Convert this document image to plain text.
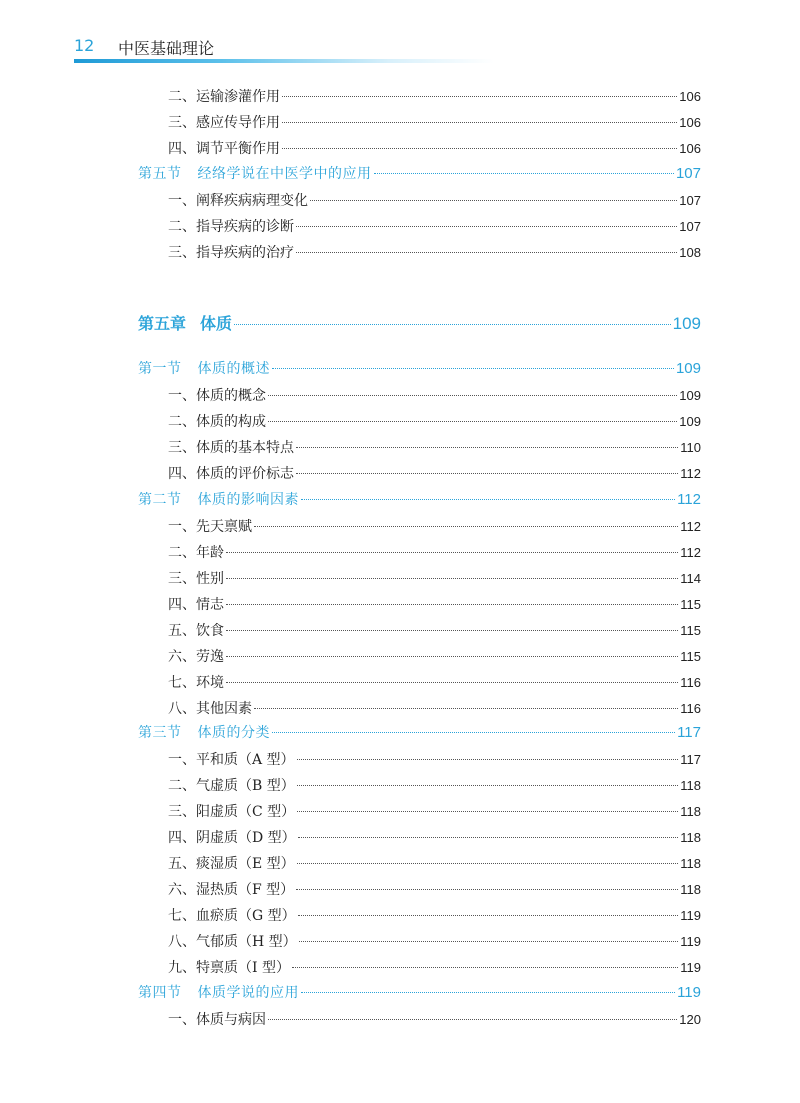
12 中医基础理论
二、运输渗灌作用	106
三、感应传导作用	106
四、调节平衡作用	106
第五节 经络学说在中医学中的应用	107
一、阐释疾病病理变化	107
二、指导疾病的诊断	107
三、指导疾病的治疗	108
第五章 体质	109
第一节 体质的概述	109
一、体质的概念	109
二、体质的构成	109
三、体质的基本特点	110
四、体质的评价标志	112
第二节 体质的影响因素	112
一、先天禀赋	112
二、年龄	112
三、性别	114
四、情志	115
五、饮食	115
六、劳逸	115
七、环境	116
八、其他因素	116
第三节 体质的分类	117
一、平和质（A 型）	117
二、气虚质（B 型）	118
三、阳虚质（C 型）	118
四、阴虚质（D 型）	118
五、痰湿质（E 型）	118
六、湿热质（F 型）	118
七、血瘀质（G 型）	119
八、气郁质（H 型）	119
九、特禀质（I 型）	119
第四节 体质学说的应用	119
一、体质与病因	120
